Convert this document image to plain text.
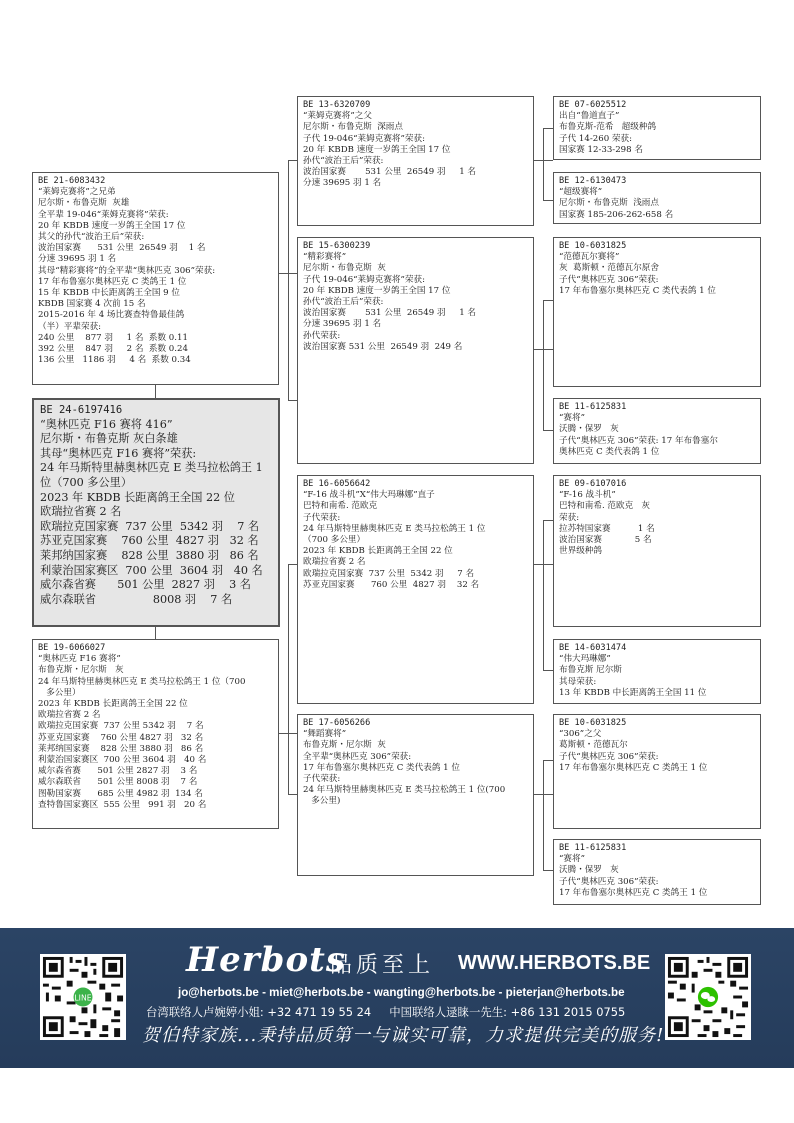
BE 21-6083432
“莱姆克赛将”之兄弟
尼尔斯・布鲁克斯  灰雄
全平辈 19-046“莱姆克赛将”荣获:
20 年 KBDB 速度一岁鸽王全国 17 位
其父的孙代“波治王后”荣获:
波治国家赛      531 公里  26549 羽    1 名
分速 39695 羽 1 名
其母“精彩赛将”的全平辈“奥林匹克 306”荣获:
17 年布鲁塞尔奥林匹克 C 类鸽王 1 位
15 年 KBDB 中长距离鸽王全国 9 位
KBDB 国家赛 4 次前 15 名
2015-2016 年 4 场比赛查特鲁最佳鸽
（半）平辈荣获:
240 公里    877 羽     1 名  系数 0.11
392 公里    847 羽     2 名  系数 0.24
136 公里   1186 羽     4 名  系数 0.34
BE 24-6197416
“奥林匹克 F16 赛将 416”
尼尔斯・布鲁克斯 灰白条雄
其母“奥林匹克 F16 赛将”荣获:
24 年马斯特里赫奥林匹克 E 类马拉松鸽王 1
位（700 多公里）
2023 年 KBDB 长距离鸽王全国 22 位
欧瑞拉省赛 2 名
欧瑞拉克国家赛  737 公里  5342 羽    7 名
苏亚克国家赛    760 公里  4827 羽   32 名
莱邦纳国家赛    828 公里  3880 羽   86 名
利蒙治国家赛区  700 公里  3604 羽   40 名
威尔森省赛      501 公里  2827 羽    3 名
威尔森联省                8008 羽    7 名
BE 19-6066027
“奥林匹克 F16 赛将”
布鲁克斯・尼尔斯   灰
24 年马斯特里赫奥林匹克 E 类马拉松鸽王 1 位（700
多公里）
2023 年 KBDB 长距离鸽王全国 22 位
欧瑞拉省赛 2 名
欧瑞拉克国家赛  737 公里 5342 羽    7 名
苏亚克国家赛    760 公里 4827 羽   32 名
莱邦纳国家赛    828 公里 3880 羽   86 名
利蒙治国家赛区  700 公里 3604 羽   40 名
威尔森省赛      501 公里 2827 羽    3 名
威尔森联省      501 公里 8008 羽    7 名
图勒国家赛      685 公里 4982 羽  134 名
查特鲁国家赛区  555 公里   991 羽   20 名
BE 13-6320709
“莱姆克赛将”之父
尼尔斯・布鲁克斯  深雨点
子代 19-046“莱姆克赛将”荣获:
20 年 KBDB 速度一岁鸽王全国 17 位
孙代“波治王后”荣获:
波治国家赛       531 公里  26549 羽     1 名
分速 39695 羽 1 名
BE 15-6300239
“精彩赛将”
尼尔斯・布鲁克斯  灰
子代 19-046“莱姆克赛将”荣获:
20 年 KBDB 速度一岁鸽王全国 17 位
孙代“波治王后”荣获:
波治国家赛       531 公里  26549 羽     1 名
分速 39695 羽 1 名
孙代荣获:
波治国家赛 531 公里  26549 羽  249 名
BE 16-6056642
“F-16 战斗机”X“伟大玛琳娜”直子
巴特和南希. 范欧克
子代荣获:
24 年马斯特里赫奥林匹克 E 类马拉松鸽王 1 位
（700 多公里）
2023 年 KBDB 长距离鸽王全国 22 位
欧瑞拉省赛 2 名
欧瑞拉克国家赛  737 公里  5342 羽     7 名
苏亚克国家赛      760 公里  4827 羽    32 名
BE 17-6056266
“舞蹈赛将”
布鲁克斯・尼尔斯  灰
全平辈“奥林匹克 306”荣获:
17 年布鲁塞尔奥林匹克 C 类代表鸽 1 位
子代荣获:
24 年马斯特里赫奥林匹克 E 类马拉松鸽王 1 位(700
多公里)
BE 07-6025512
出自“鲁道直子”
布鲁克斯-范希   超级种鸽
子代 14-260 荣获:
国家赛 12-33-298 名
BE 12-6130473
“超级赛将”
尼尔斯・布鲁克斯  浅雨点
国家赛 185-206-262-658 名
BE 10-6031825
“范德瓦尔赛将”
灰  葛斯顿・范德瓦尔原舍
子代“奥林匹克 306”荣获:
17 年布鲁塞尔奥林匹克 C 类代表鸽 1 位
BE 11-6125831
“赛将”
沃腾・保罗   灰
子代“奥林匹克 306”荣获: 17 年布鲁塞尔
奥林匹克 C 类代表鸽 1 位
BE 09-6107016
“F-16 战斗机”
巴特和南希. 范欧克   灰
荣获:
拉苏特国家赛          1 名
波治国家赛            5 名
世界级种鸽
BE 14-6031474
“伟大玛琳娜”
布鲁克斯 尼尔斯
其母荣获:
13 年 KBDB 中长距离鸽王全国 11 位
BE 10-6031825
“306”之父
葛斯顿・范德瓦尔
子代“奥林匹克 306”荣获:
17 年布鲁塞尔奥林匹克 C 类鸽王 1 位
BE 11-6125831
“赛将”
沃腾・保罗   灰
子代“奥林匹克 306”荣获:
17 年布鲁塞尔奥林匹克 C 类鸽王 1 位
LINE
Herbots
品质至上 WWW.HERBOTS.BE
jo@herbots.be - miet@herbots.be - wangting@herbots.be - pieterjan@herbots.be
台湾联络人卢婉婷小姐: +32 471 19 55 24     中国联络人逯睐一先生: +86 131 2015 0755
贺伯特家族...秉持品质第一与诚实可靠，力求提供完美的服务!
